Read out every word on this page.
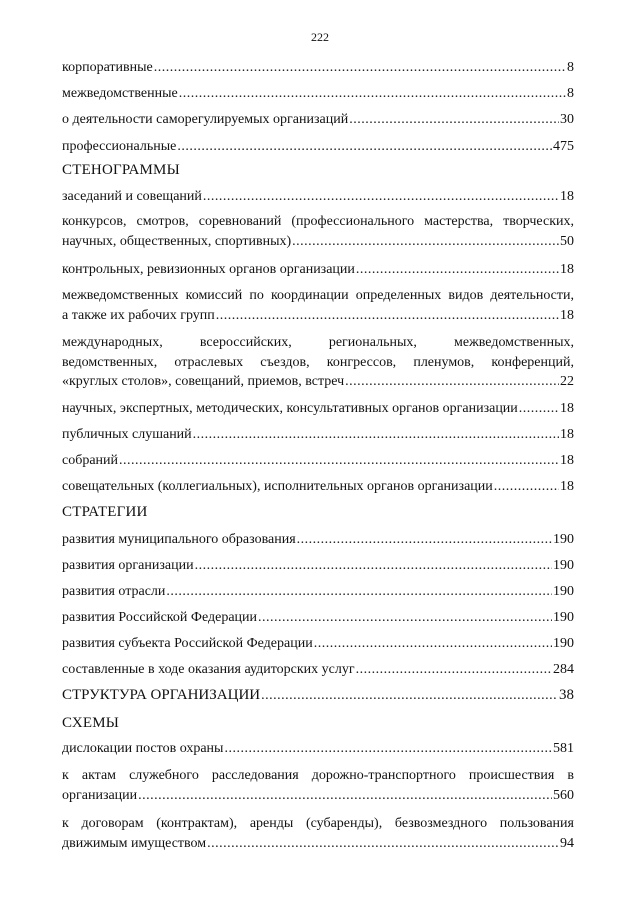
222
корпоративные .....	8
межведомственные .....	8
о деятельности саморегулируемых организаций .....	30
профессиональные .....	475
СТЕНОГРАММЫ
заседаний и совещаний .....	18
конкурсов, смотров, соревнований (профессионального мастерства, творческих,
научных, общественных, спортивных) .....	50
контрольных, ревизионных органов организации .....	18
межведомственных комиссий по координации определенных видов деятельности,
а также их рабочих групп .....	18
международных, всероссийских, региональных, межведомственных,
ведомственных, отраслевых съездов, конгрессов, пленумов, конференций,
«круглых столов», совещаний, приемов, встреч .....	22
научных, экспертных, методических, консультативных органов организации .....	18
публичных слушаний .....	18
собраний .....	18
совещательных (коллегиальных), исполнительных органов организации .....	18
СТРАТЕГИИ
развития муниципального образования .....	190
развития организации .....	190
развития отрасли .....	190
развития Российской Федерации .....	190
развития субъекта Российской Федерации .....	190
составленные в ходе оказания аудиторских услуг .....	284
СТРУКТУРА ОРГАНИЗАЦИИ .....	38
СХЕМЫ
дислокации постов охраны .....	581
к актам служебного расследования дорожно-транспортного происшествия в
организации .....	560
к договорам (контрактам), аренды (субаренды), безвозмездного пользования
движимым имуществом .....	94
